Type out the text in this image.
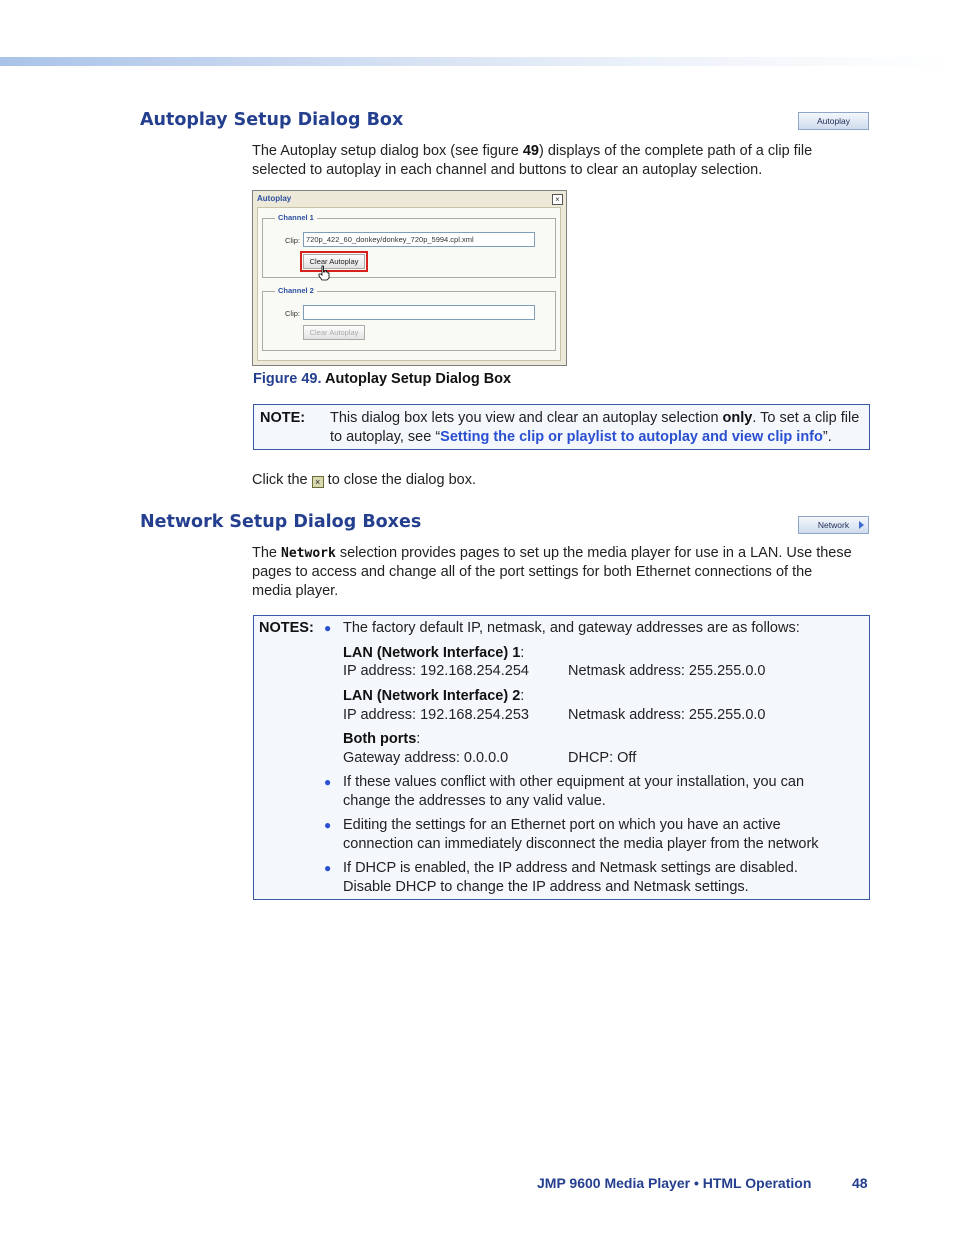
Autoplay Setup Dialog Box	Autoplay

The Autoplay setup dialog box (see figure 49) displays of the complete path of a clip file
selected to autoplay in each channel and buttons to clear an autoplay selection.

Autoplay	×
Channel 1
Clip: 720p_422_60_donkey/donkey_720p_5994.cpl.xml
Clear Autoplay
Channel 2
Clip:
Clear Autoplay
Figure 49. Autoplay Setup Dialog Box
NOTE: This dialog box lets you view and clear an autoplay selection only. To set a clip file
to autoplay, see “Setting the clip or playlist to autoplay and view clip info”.

Click the × to close the dialog box.

Network Setup Dialog Boxes	Network

The Network selection provides pages to set up the media player for use in a LAN. Use these
pages to access and change all of the port settings for both Ethernet connections of the
media player.

NOTES: ● The factory default IP, netmask, and gateway addresses are as follows:
LAN (Network Interface) 1:
IP address: 192.168.254.254	Netmask address: 255.255.0.0
LAN (Network Interface) 2:
IP address: 192.168.254.253	Netmask address: 255.255.0.0
Both ports:
Gateway address: 0.0.0.0	DHCP: Off
● If these values conflict with other equipment at your installation, you can
change the addresses to any valid value.
● Editing the settings for an Ethernet port on which you have an active
connection can immediately disconnect the media player from the network
● If DHCP is enabled, the IP address and Netmask settings are disabled.
Disable DHCP to change the IP address and Netmask settings.
JMP 9600 Media Player • HTML Operation	48
